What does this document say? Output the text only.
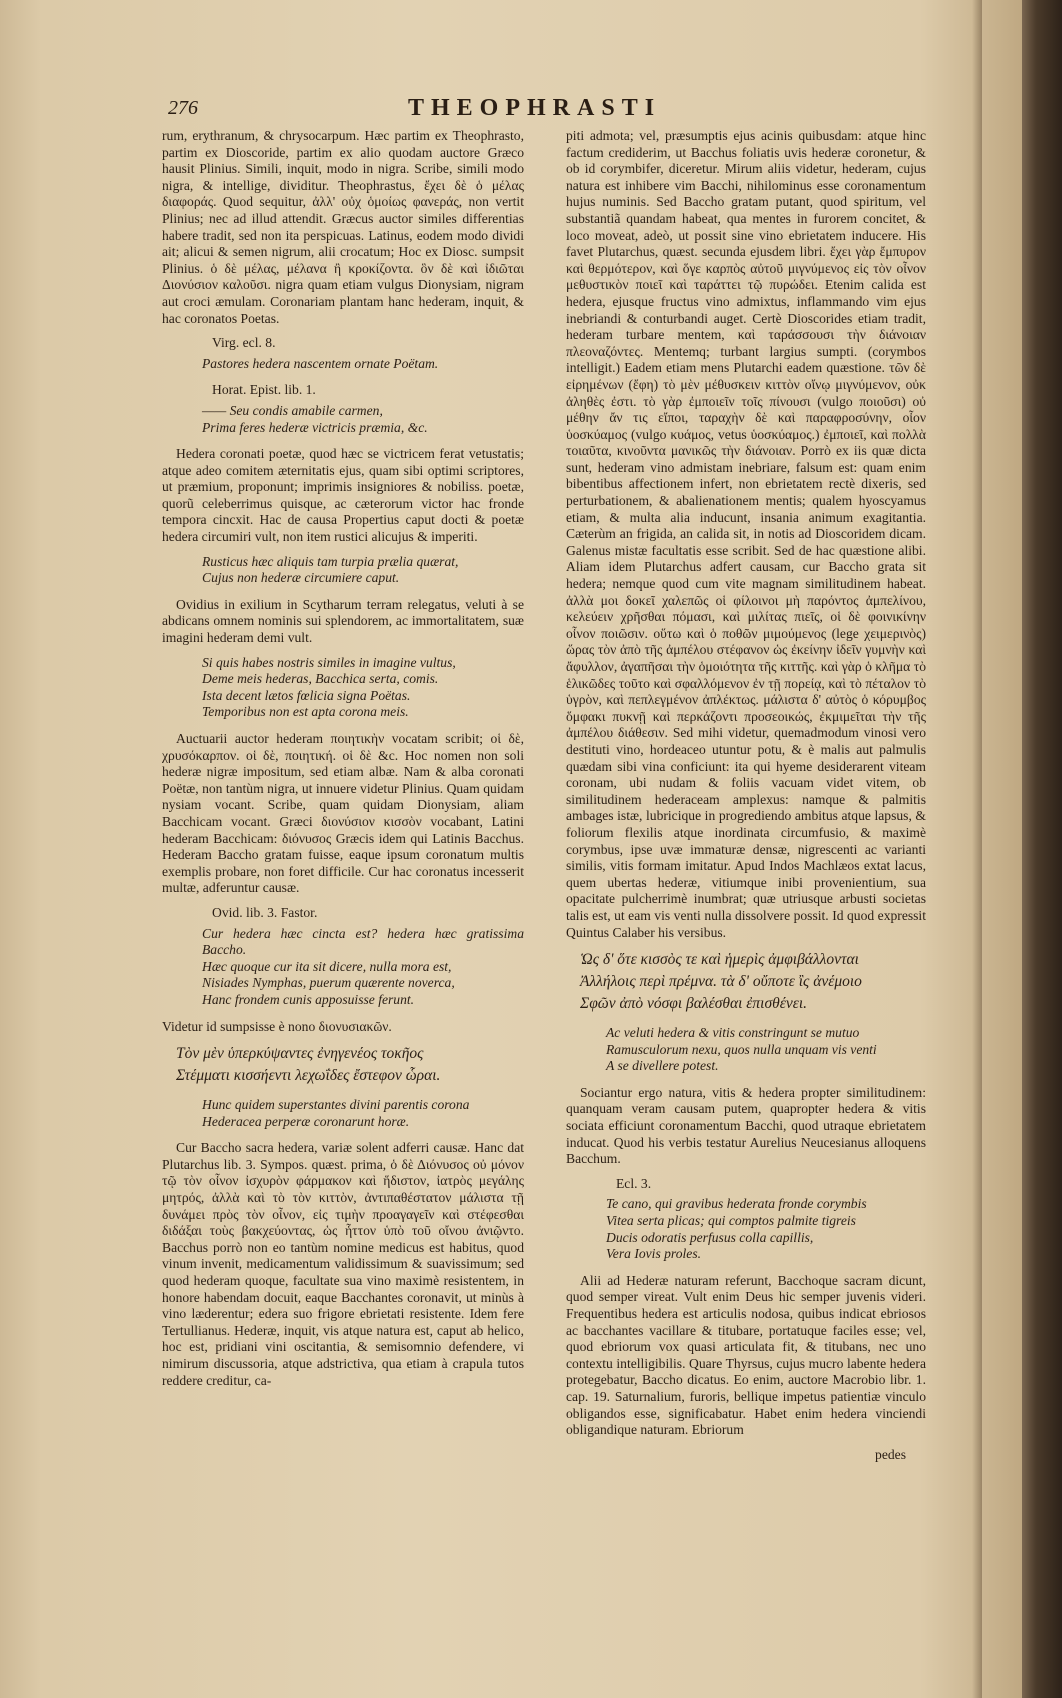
276	THEOPHRASTI

rum, erythranum, & chrysocarpum. Hæc partim ex Theophrasto, partim ex Dioscoride, partim ex alio quodam auctore Græco hausit Plinius. Simili, inquit, modo in nigra. Scribe, simili modo nigra, & intellige, dividitur. Theophrastus, ἔχει δὲ ὁ μέλας διαφοράς. Quod sequitur, ἀλλ' οὐχ ὁμοίως φανεράς, non vertit Plinius; nec ad illud attendit. Græcus auctor similes differentias habere tradit, sed non ita perspicuas. Latinus, eodem modo dividi ait; alicui & semen nigrum, alii crocatum; Hoc ex Diosc. sumpsit Plinius. ὁ δὲ μέλας, μέλανα ἢ κροκίζοντα. ὃν δὲ καὶ ἰδιῶται Διονύσιον καλοῦσι. nigra quam etiam vulgus Dionysiam, nigram aut croci æmulam. Coronariam plantam hanc hederam, inquit, & hac coronatos Poetas.

Virg. ecl. 8.
Pastores hedera nascentem ornate Poëtam.
Horat. Epist. lib. 1.
—— Seu condis amabile carmen,
Prima feres hederæ victricis præmia, &c.

Hedera coronati poetæ, quod hæc se victricem ferat vetustatis; atque adeo comitem æternitatis ejus, quam sibi optimi scriptores, ut præmium, proponunt; imprimis insigniores & nobiliss. poetæ, quorũ celeberrimus quisque, ac cæterorum victor hac fronde tempora cincxit. Hac de causa Propertius caput docti & poetæ hedera circumiri vult, non item rustici alicujus & imperiti.

Rusticus hæc aliquis tam turpia prælia quærat,
Cujus non hederæ circumiere caput.

Ovidius in exilium in Scytharum terram relegatus, veluti à se abdicans omnem nominis sui splendorem, ac immortalitatem, suæ imagini hederam demi vult.

Si quis habes nostris similes in imagine vultus,
Deme meis hederas, Bacchica serta, comis.
Ista decent lætos fœlicia signa Poëtas.
Temporibus non est apta corona meis.

Auctuarii auctor hederam ποιητικὴν vocatam scribit; οἱ δὲ, χρυσόκαρπον. οἱ δὲ, ποιητική. οἱ δὲ &c. Hoc nomen non soli hederæ nigræ impositum, sed etiam albæ. Nam & alba coronati Poëtæ, non tantùm nigra, ut innuere videtur Plinius. Quam quidam nysiam vocant. Scribe, quam quidam Dionysiam, aliam Bacchicam vocant. Græci διονύσιον κισσὸν vocabant, Latini hederam Bacchicam: διόνυσος Græcis idem qui Latinis Bacchus. Hederam Baccho gratam fuisse, eaque ipsum coronatum multis exemplis probare, non foret difficile. Cur hac coronatus incesserit multæ, adferuntur causæ.

Ovid. lib. 3. Fastor.
Cur hedera hæc cincta est? hedera hæc gratissima Baccho.
Hæc quoque cur ita sit dicere, nulla mora est,
Nisiades Nymphas, puerum quærente noverca,
Hanc frondem cunis apposuisse ferunt.

Videtur id sumpsisse è nono διονυσιακῶν.

Τὸν μὲν ὑπερκύψαντες ἐνηγενέος τοκῆος
Στέμματι κισσήεντι λεχωΐδες ἔστεφον ὧραι.
Hunc quidem superstantes divini parentis corona
Hederacea perperæ coronarunt horæ.

Cur Baccho sacra hedera, variæ solent adferri causæ. Hanc dat Plutarchus lib. 3. Sympos. quæst. prima, ὁ δὲ Διόνυσος οὐ μόνον τῷ τὸν οἶνον ἰσχυρὸν φάρμακον καὶ ἥδιστον, ἰατρὸς μεγάλης μητρός, ἀλλὰ καὶ τὸ τὸν κιττὸν, ἀντιπαθέστατον μάλιστα τῇ δυνάμει πρὸς τὸν οἶνον, εἰς τιμὴν προαγαγεῖν καὶ στέφεσθαι διδάξαι τοὺς βακχεύοντας, ὡς ἧττον ὑπὸ τοῦ οἴνου ἀνιῷντο. Bacchus porrò non eo tantùm nomine medicus est habitus, quod vinum invenit, medicamentum validissimum & suavissimum; sed quod hederam quoque, facultate sua vino maximè resistentem, in honore habendam docuit, eaque Bacchantes coronavit, ut minùs à vino læderentur; edera suo frigore ebrietati resistente. Idem fere Tertullianus. Hederæ, inquit, vis atque natura est, caput ab helico, hoc est, pridiani vini oscitantia, & semisomnio defendere, vi nimirum discussoria, atque adstrictiva, qua etiam à crapula tutos reddere creditur, ca-

piti admota; vel, præsumptis ejus acinis quibusdam: atque hinc factum crediderim, ut Bacchus foliatis uvis hederæ coronetur, & ob id corymbifer, diceretur. Mirum aliis videtur, hederam, cujus natura est inhibere vim Bacchi, nihilominus esse coronamentum hujus numinis. Sed Baccho gratam putant, quod spiritum, vel substantiã quandam habeat, qua mentes in furorem concitet, & loco moveat, adeò, ut possit sine vino ebrietatem inducere. His favet Plutarchus, quæst. secunda ejusdem libri. ἔχει γὰρ ἔμπυρον καὶ θερμότερον, καὶ ὅγε καρπὸς αὐτοῦ μιγνύμενος εἰς τὸν οἶνον μεθυστικὸν ποιεῖ καὶ ταράττει τῷ πυρώδει. Etenim calida est hedera, ejusque fructus vino admixtus, inflammando vim ejus inebriandi & conturbandi auget. Certè Dioscorides etiam tradit, hederam turbare mentem, καὶ ταράσσουσι τὴν διάνοιαν πλεοναζόντες. Mentemq; turbant largius sumpti. (corymbos intelligit.) Eadem etiam mens Plutarchi eadem quæstione. τῶν δὲ εἰρημένων (ἔφη) τὸ μὲν μέθυσκειν κιττὸν οἴνῳ μιγνύμενον, οὐκ ἀληθὲς ἐστι. τὸ γὰρ ἐμποιεῖν τοῖς πίνουσι (vulgo ποιοῦσι) οὐ μέθην ἄν τις εἴποι, ταραχὴν δὲ καὶ παραφροσύνην, οἷον ὑοσκύαμος (vulgo κυάμος, vetus ὑοσκύαμος.) ἐμποιεῖ, καὶ πολλὰ τοιαῦτα, κινοῦντα μανικῶς τὴν διάνοιαν. Porrò ex iis quæ dicta sunt, hederam vino admistam inebriare, falsum est: quam enim bibentibus affectionem infert, non ebrietatem rectè dixeris, sed perturbationem, & abalienationem mentis; qualem hyoscyamus etiam, & multa alia inducunt, insania animum exagitantia. Cæterùm an frigida, an calida sit, in notis ad Dioscoridem dicam. Galenus mistæ facultatis esse scribit. Sed de hac quæstione alibi. Aliam idem Plutarchus adfert causam, cur Baccho grata sit hedera; nemque quod cum vite magnam similitudinem habeat. ἀλλὰ μοι δοκεῖ χαλεπῶς οἱ φίλοινοι μὴ παρόντος ἀμπελίνου, κελεύειν χρῆσθαι πόμασι, καὶ μιλίτας πιεῖς, οἱ δὲ φοινικίνην οἶνον ποιῶσιν. οὕτω καὶ ὁ ποθῶν μιμούμενος (lege χειμερινὸς) ὥρας τὸν ἀπὸ τῆς ἀμπέλου στέφανον ὡς ἐκείνην ἰδεῖν γυμνὴν καὶ ἄφυλλον, ἀγαπῆσαι τὴν ὁμοιότητα τῆς κιττῆς. καὶ γὰρ ὁ κλῆμα τὸ ἑλικῶδες τοῦτο καὶ σφαλλόμενον ἐν τῇ πορείᾳ, καὶ τὸ πέταλον τὸ ὑγρὸν, καὶ πεπλεγμένον ἀπλέκτως. μάλιστα δ' αὐτὸς ὁ κόρυμβος ὅμφακι πυκνῇ καὶ περκάζοντι προσεοικώς, ἐκμιμεῖται τὴν τῆς ἀμπέλου διάθεσιν. Sed mihi videtur, quemadmodum vinosi vero destituti vino, hordeaceo utuntur potu, & è malis aut palmulis quædam sibi vina conficiunt: ita qui hyeme desiderarent viteam coronam, ubi nudam & foliis vacuam videt vitem, ob similitudinem hederaceam amplexus: namque & palmitis ambages istæ, lubricique in progrediendo ambitus atque lapsus, & foliorum flexilis atque inordinata circumfusio, & maximè corymbus, ipse uvæ immaturæ densæ, nigrescenti ac varianti similis, vitis formam imitatur. Apud Indos Machlæos extat lacus, quem ubertas hederæ, vitiumque inibi provenientium, sua opacitate pulcherrimè inumbrat; quæ utriusque arbusti societas talis est, ut eam vis venti nulla dissolvere possit. Id quod expressit Quintus Calaber his versibus.

Ὡς δ' ὅτε κισσὸς τε καὶ ἡμερὶς ἀμφιβάλλονται
Ἀλλήλοις περὶ πρέμνα. τὰ δ' οὔποτε ἲς ἀνέμοιο
Σφῶν ἀπὸ νόσφι βαλέσθαι ἐπισθένει.
Ac veluti hedera & vitis constringunt se mutuo
Ramusculorum nexu, quos nulla unquam vis venti
A se divellere potest.

Sociantur ergo natura, vitis & hedera propter similitudinem: quanquam veram causam putem, quapropter hedera & vitis sociata efficiunt coronamentum Bacchi, quod utraque ebrietatem inducat. Quod his verbis testatur Aurelius Neucesianus alloquens Bacchum.

Ecl. 3.
Te cano, qui gravibus hederata fronde corymbis
Vitea serta plicas; qui comptos palmite tigreis
Ducis odoratis perfusus colla capillis,
Vera Iovis proles.

Alii ad Hederæ naturam referunt, Bacchoque sacram dicunt, quod semper vireat. Vult enim Deus hic semper juvenis videri. Frequentibus hedera est articulis nodosa, quibus indicat ebriosos ac bacchantes vacillare & titubare, portatuque faciles esse; vel, quod ebriorum vox quasi articulata fit, & titubans, nec uno contextu intelligibilis. Quare Thyrsus, cujus mucro labente hedera protegebatur, Baccho dicatus. Eo enim, auctore Macrobio libr. 1. cap. 19. Saturnalium, furoris, bellique impetus patientiæ vinculo obligandos esse, significabatur. Habet enim hedera vinciendi obligandique naturam. Ebriorum

pedes
